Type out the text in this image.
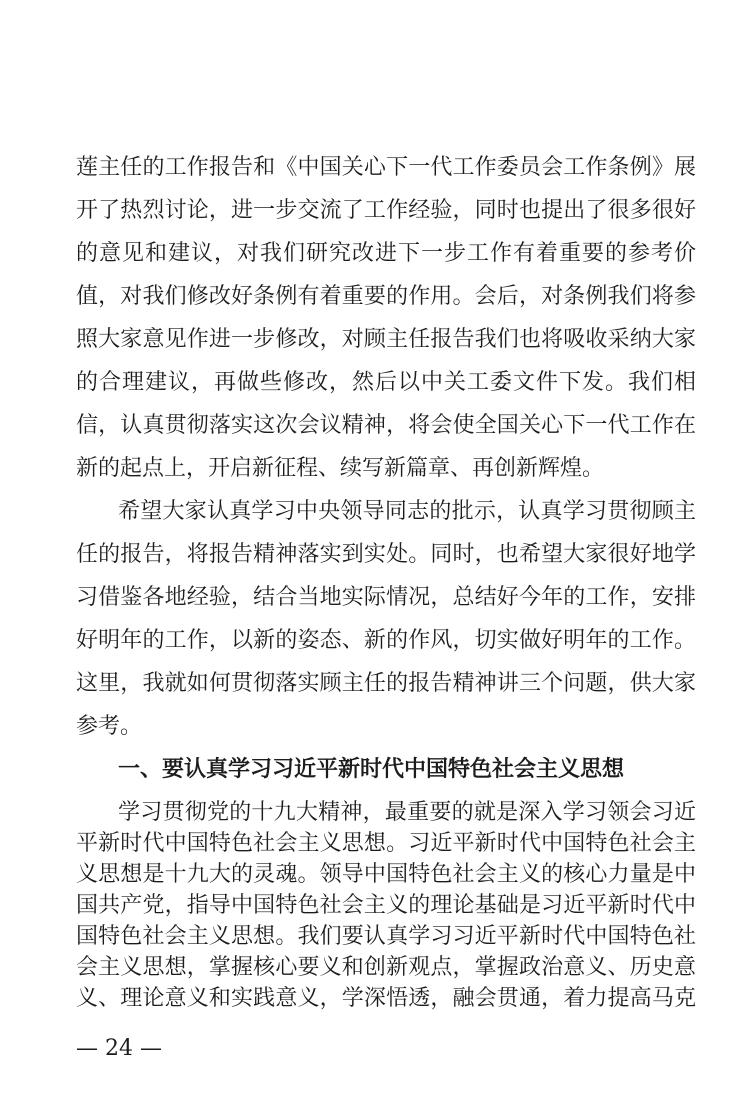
莲主任的工作报告和《中国关心下一代工作委员会工作条例》展
开了热烈讨论，进一步交流了工作经验，同时也提出了很多很好
的意见和建议，对我们研究改进下一步工作有着重要的参考价
值，对我们修改好条例有着重要的作用。会后，对条例我们将参
照大家意见作进一步修改，对顾主任报告我们也将吸收采纳大家
的合理建议，再做些修改，然后以中关工委文件下发。我们相
信，认真贯彻落实这次会议精神，将会使全国关心下一代工作在
新的起点上，开启新征程、续写新篇章、再创新辉煌。
希望大家认真学习中央领导同志的批示，认真学习贯彻顾主
任的报告，将报告精神落实到实处。同时，也希望大家很好地学
习借鉴各地经验，结合当地实际情况，总结好今年的工作，安排
好明年的工作，以新的姿态、新的作风，切实做好明年的工作。
这里，我就如何贯彻落实顾主任的报告精神讲三个问题，供大家
参考。
一、要认真学习习近平新时代中国特色社会主义思想
学习贯彻党的十九大精神，最重要的就是深入学习领会习近
平新时代中国特色社会主义思想。习近平新时代中国特色社会主
义思想是十九大的灵魂。领导中国特色社会主义的核心力量是中
国共产党，指导中国特色社会主义的理论基础是习近平新时代中
国特色社会主义思想。我们要认真学习习近平新时代中国特色社
会主义思想，掌握核心要义和创新观点，掌握政治意义、历史意
义、理论意义和实践意义，学深悟透，融会贯通，着力提高马克
— 24 —
